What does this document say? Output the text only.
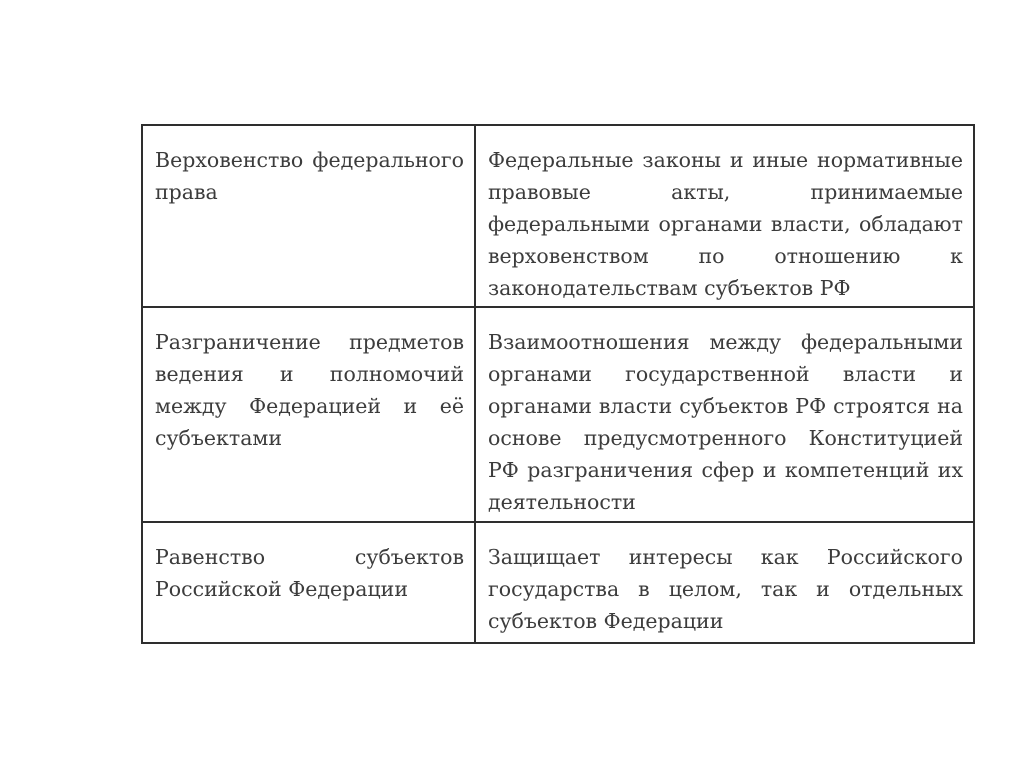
Верховенство федерального права	Федеральные законы и иные нормативные правовые акты, принимаемые федеральными органами власти, обладают верховенством по отношению к законодательствам субъектов РФ

Разграничение предметов ведения и полномочий между Федерацией и её субъектами	Взаимоотношения между федеральными органами государственной власти и органами власти субъектов РФ строятся на основе предусмотренного Конституцией РФ разграничения сфер и компетенций их деятельности

Равенство субъектов Российской Федерации	Защищает интересы как Российского государства в целом, так и отдельных субъектов Федерации
